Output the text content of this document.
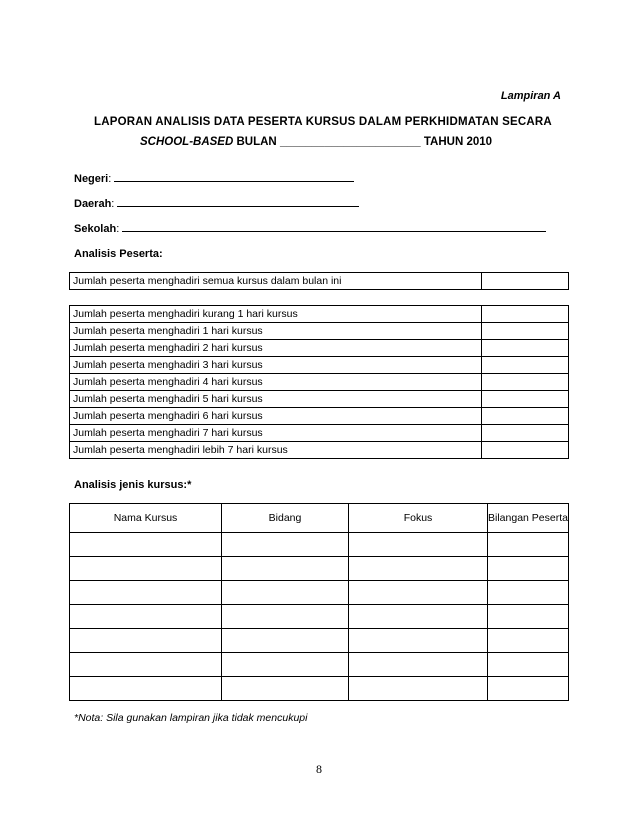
Lampiran A
LAPORAN ANALISIS DATA PESERTA KURSUS DALAM PERKHIDMATAN SECARA
SCHOOL-BASED BULAN ______________________ TAHUN 2010
Negeri:
Daerah:
Sekolah:
Analisis Peserta:
Jumlah peserta menghadiri semua kursus dalam bulan ini	
Jumlah peserta menghadiri kurang 1 hari kursus	
Jumlah peserta menghadiri 1 hari kursus	
Jumlah peserta menghadiri 2 hari kursus	
Jumlah peserta menghadiri 3 hari kursus	
Jumlah peserta menghadiri 4 hari kursus	
Jumlah peserta menghadiri 5 hari kursus	
Jumlah peserta menghadiri 6 hari kursus	
Jumlah peserta menghadiri 7 hari kursus	
Jumlah peserta menghadiri lebih 7 hari kursus	
Analisis jenis kursus:*
Nama Kursus	Bidang	Fokus	Bilangan Peserta

*Nota: Sila gunakan lampiran jika tidak mencukupi
8
